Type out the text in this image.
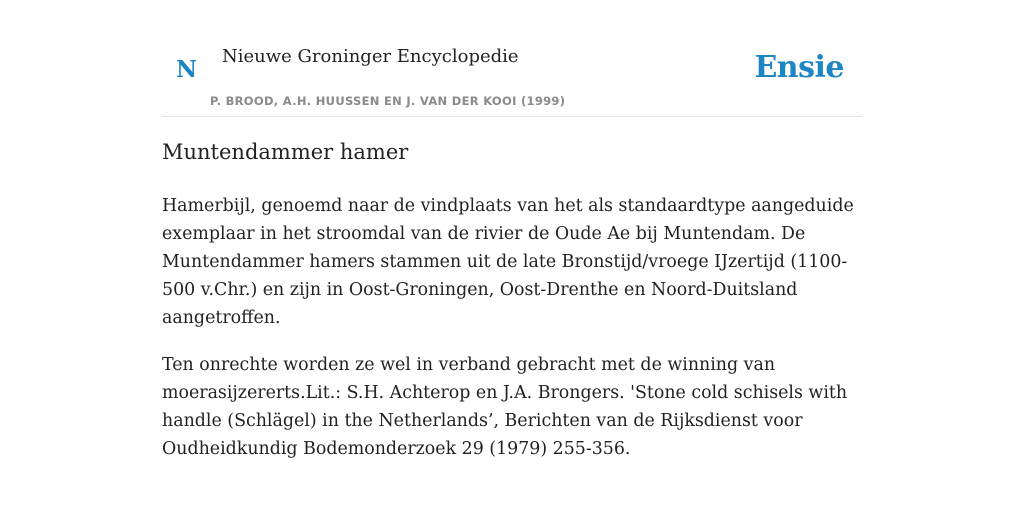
N Nieuwe Groninger Encyclopedie
P. BROOD, A.H. HUUSSEN EN J. VAN DER KOOI (1999)
Ensie
Muntendammer hamer

Hamerbijl, genoemd naar de vindplaats van het als standaardtype aangeduide exemplaar in het stroomdal van de rivier de Oude Ae bij Muntendam. De Muntendammer hamers stammen uit de late Bronstijd/vroege IJzertijd (1100-500 v.Chr.) en zijn in Oost-Groningen, Oost-Drenthe en Noord-Duitsland aangetroffen.

Ten onrechte worden ze wel in verband gebracht met de winning van moerasijzererts.Lit.: S.H. Achterop en J.A. Brongers. 'Stone cold schisels with handle (Schlägel) in the Netherlands’, Berichten van de Rijksdienst voor Oudheidkundig Bodemonderzoek 29 (1979) 255-356.
